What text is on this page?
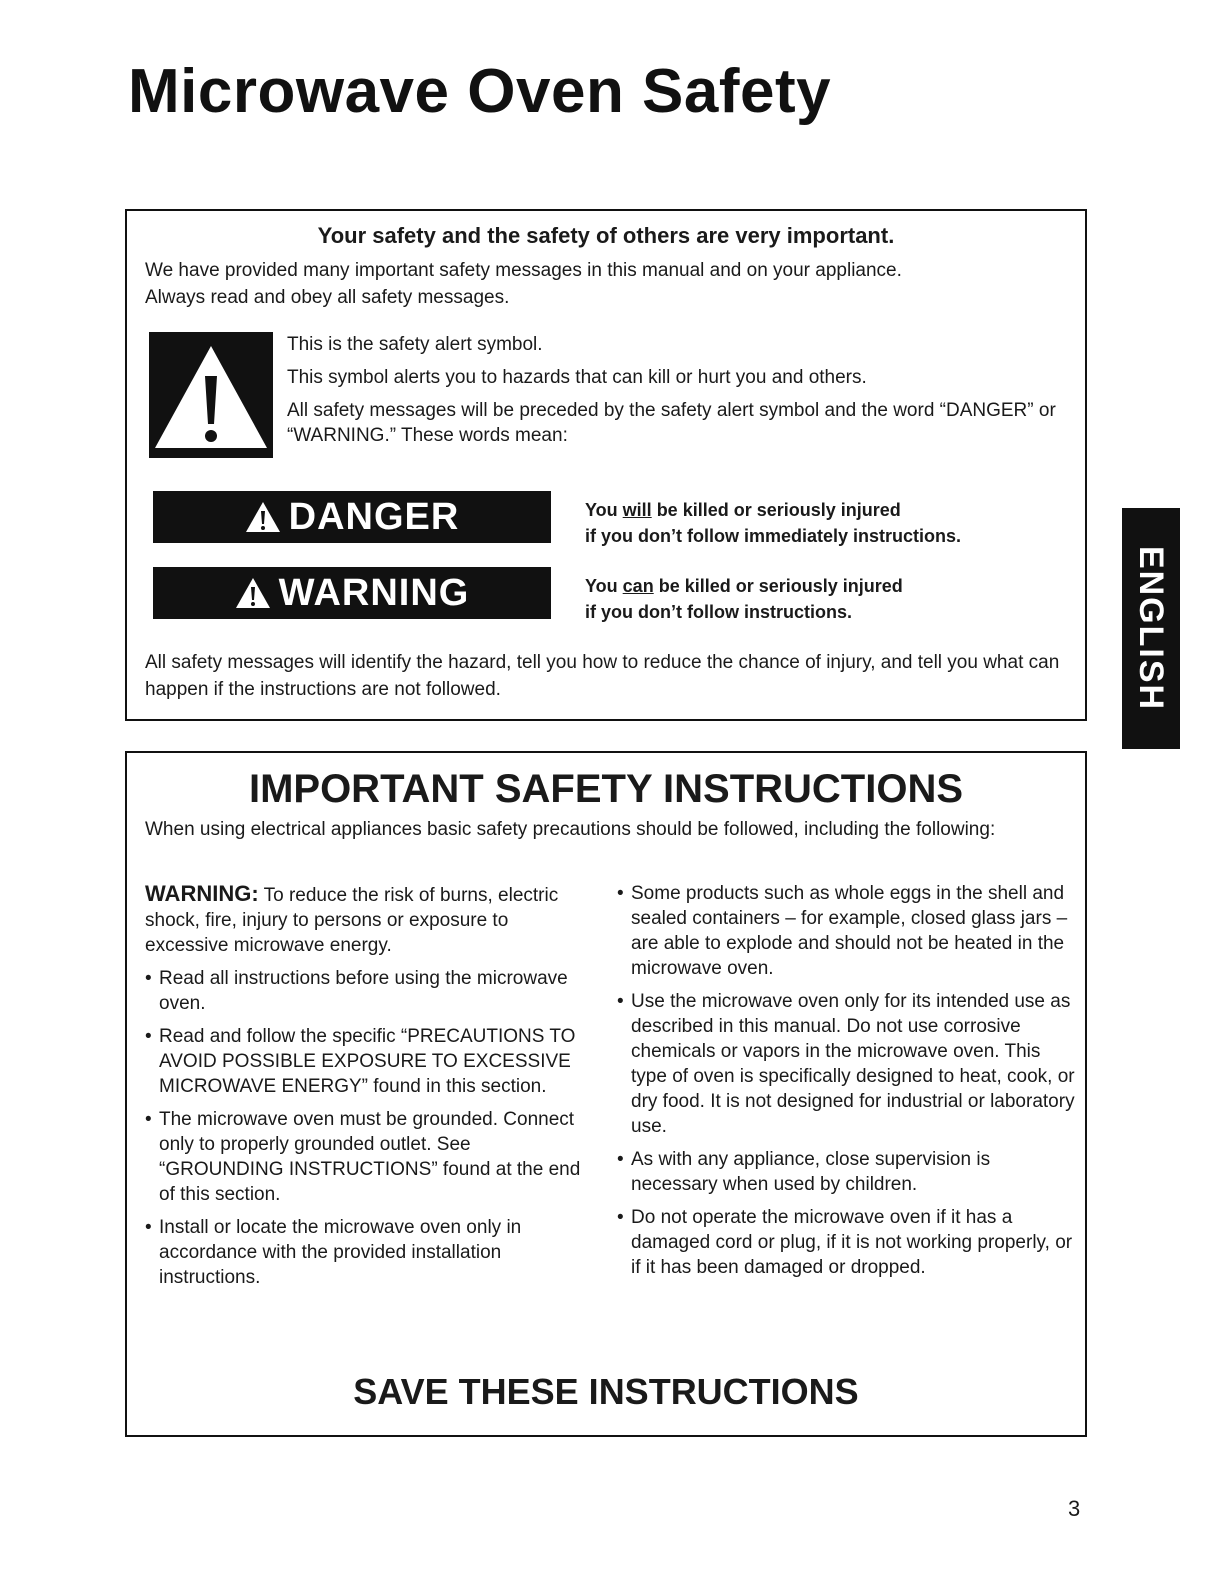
Microwave Oven Safety
Your safety and the safety of others are very important.
We have provided many important safety messages in this manual and on your appliance.
Always read and obey all safety messages.

This is the safety alert symbol.

This symbol alerts you to hazards that can kill or hurt you and others.

All safety messages will be preceded by the safety alert symbol and the word “DANGER” or “WARNING.” These words mean:

DANGER	You will be killed or seriously injured
if you don’t follow immediately instructions.
WARNING	You can be killed or seriously injured
if you don’t follow instructions.
All safety messages will identify the hazard, tell you how to reduce the chance of injury, and tell you what can happen if the instructions are not followed.
IMPORTANT SAFETY INSTRUCTIONS
When using electrical appliances basic safety precautions should be followed, including the following:

WARNING: To reduce the risk of burns, electric shock, fire, injury to persons or exposure to excessive microwave energy.

• Read all instructions before using the microwave oven.
• Read and follow the specific “PRECAUTIONS TO AVOID POSSIBLE EXPOSURE TO EXCESSIVE MICROWAVE ENERGY” found in this section.
• The microwave oven must be grounded. Connect only to properly grounded outlet. See “GROUNDING INSTRUCTIONS” found at the end of this section.
• Install or locate the microwave oven only in accordance with the provided installation instructions.
• Some products such as whole eggs in the shell and sealed containers – for example, closed glass jars – are able to explode and should not be heated in the microwave oven.
• Use the microwave oven only for its intended use as described in this manual. Do not use corrosive chemicals or vapors in the microwave oven. This type of oven is specifically designed to heat, cook, or dry food. It is not designed for industrial or laboratory use.
• As with any appliance, close supervision is necessary when used by children.
• Do not operate the microwave oven if it has a damaged cord or plug, if it is not working properly, or if it has been damaged or dropped.
SAVE THESE INSTRUCTIONS
ENGLISH
3
